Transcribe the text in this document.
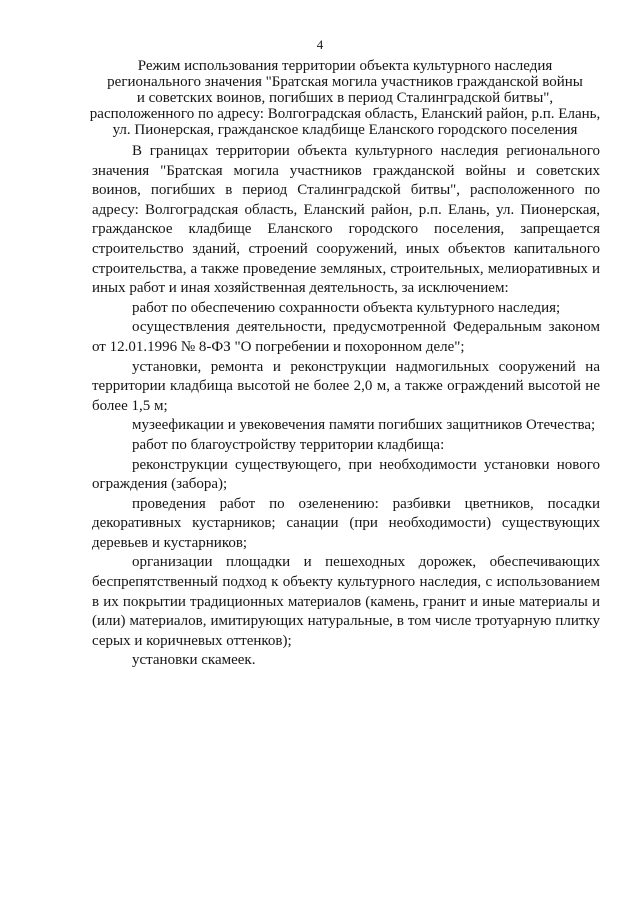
4
Режим использования территории объекта культурного наследия
регионального значения "Братская могила участников гражданской войны
и советских воинов, погибших в период Сталинградской битвы",
расположенного по адресу: Волгоградская область, Еланский район, р.п. Елань,
ул. Пионерская, гражданское кладбище Еланского городского поселения

В границах территории объекта культурного наследия регионального значения "Братская могила участников гражданской войны и советских воинов, погибших в период Сталинградской битвы", расположенного по адресу: Волгоградская область, Еланский район, р.п. Елань, ул. Пионерская, гражданское кладбище Еланского городского поселения, запрещается строительство зданий, строений сооружений, иных объектов капитального строительства, а также проведение земляных, строительных, мелиоративных и иных работ и иная хозяйственная деятельность, за исключением:

работ по обеспечению сохранности объекта культурного наследия;

осуществления деятельности, предусмотренной Федеральным законом от 12.01.1996 № 8-ФЗ "О погребении и похоронном деле";

установки, ремонта и реконструкции надмогильных сооружений на территории кладбища высотой не более 2,0 м, а также ограждений высотой не более 1,5 м;

музеефикации и увековечения памяти погибших защитников Отечества;

работ по благоустройству территории кладбища:

реконструкции существующего, при необходимости установки нового ограждения (забора);

проведения работ по озеленению: разбивки цветников, посадки декоративных кустарников; санации (при необходимости) существующих деревьев и кустарников;

организации площадки и пешеходных дорожек, обеспечивающих беспрепятственный подход к объекту культурного наследия, с использованием в их покрытии традиционных материалов (камень, гранит и иные материалы и (или) материалов, имитирующих натуральные, в том числе тротуарную плитку серых и коричневых оттенков);

установки скамеек.
